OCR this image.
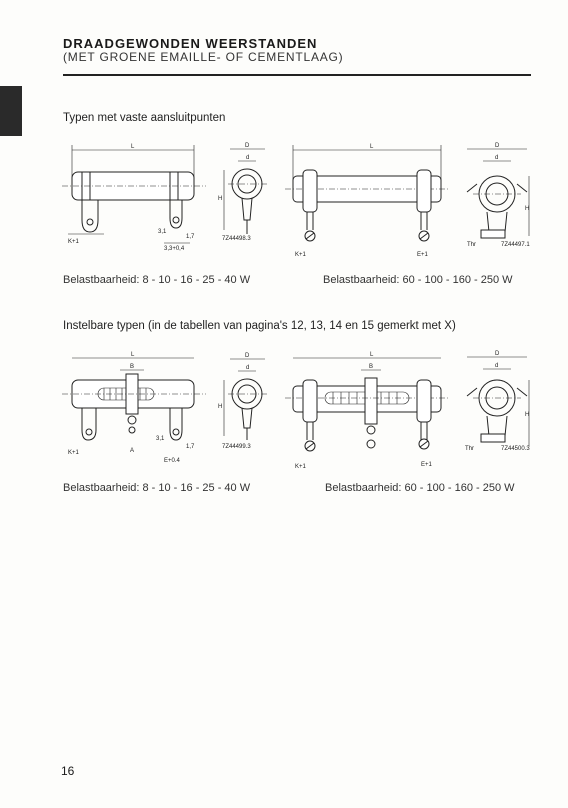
DRAADGEWONDEN WEERSTANDEN
(MET GROENE EMAILLE- OF CEMENTLAAG)
Typen met vaste aansluitpunten
L
K+1
3,1
1,7
3,3+0,4
D
d
H
7Z44498.3
L
K+1	E+1
D
d
H
Thr	7Z44497.1
Belastbaarheid: 8 - 10 - 16 - 25 - 40 W	Belastbaarheid: 60 - 100 - 160 - 250 W
Instelbare typen (in de tabellen van pagina's 12, 13, 14 en 15 gemerkt met X)
L
B
K+1	A
3,1
1,7
E+0.4
D
d
H
7Z44499.3
L
B
K+1	E+1
D
d
H
Thr	7Z44500.3
Belastbaarheid: 8 - 10 - 16 - 25 - 40 W	Belastbaarheid: 60 - 100 - 160 - 250 W
16
